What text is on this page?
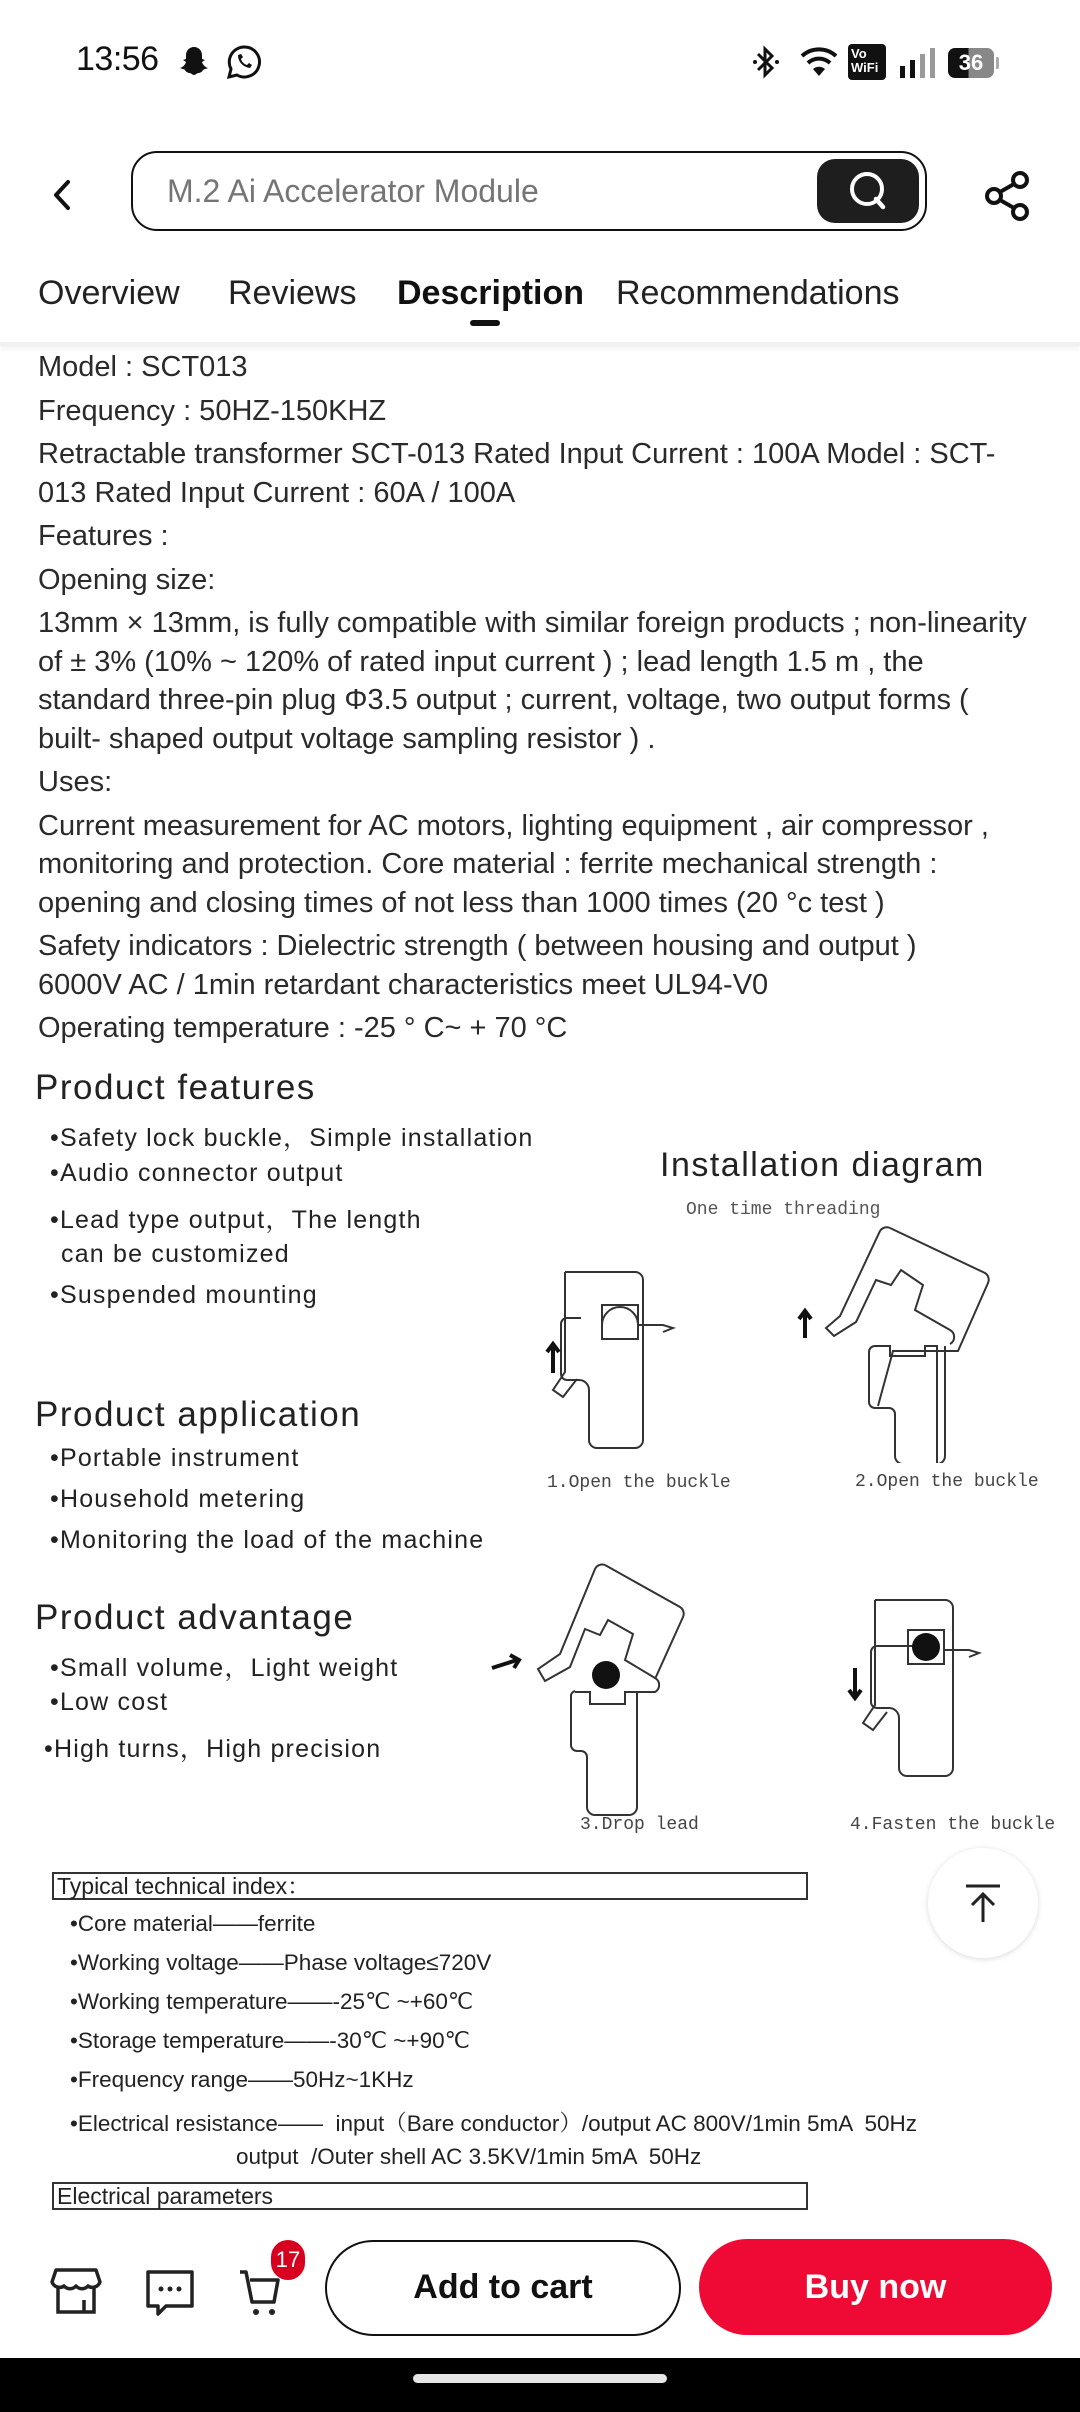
13:56	Vo
WiFi	36
M.2 Ai Accelerator Module
Overview Reviews Description Recommendations

Model : SCT013

Frequency : 50HZ-150KHZ

Retractable transformer SCT-013 Rated Input Current : 100A Model : SCT-013 Rated Input Current : 60A / 100A

Features :

Opening size:

13mm × 13mm, is fully compatible with similar foreign products ; non-linearity of ± 3% (10% ~ 120% of rated input current ) ; lead length 1.5 m , the standard three-pin plug Φ3.5 output ; current, voltage, two output forms ( built- shaped output voltage sampling resistor ) .

Uses:

Current measurement for AC motors, lighting equipment , air compressor , monitoring and protection. Core material : ferrite mechanical strength : opening and closing times of not less than 1000 times (20 °c test )

Safety indicators : Dielectric strength ( between housing and output ) 6000V AC / 1min retardant characteristics meet UL94-V0

Operating temperature : -25 ° C~ + 70 °C

Product features
•Safety lock buckle，Simple installation
•Audio connector output
•Lead type output，The length
can be customized
•Suspended mounting
Product application
•Portable instrument
•Household metering
•Monitoring the load of the machine
Product advantage
•Small volume，Light weight
•Low cost
•High turns，High precision
Installation diagram
One time threading
1.Open the buckle	2.Open the buckle
3.Drop lead	4.Fasten the buckle
Typical technical index：
•Core material——ferrite
•Working voltage——Phase voltage≤720V
•Working temperature——-25℃ ~+60℃
•Storage temperature——-30℃ ~+90℃
•Frequency range——50Hz~1KHz
•Electrical resistance——  input（Bare conductor）/output AC 800V/1min 5mA  50Hz
output  /Outer shell AC 3.5KV/1min 5mA  50Hz
Electrical parameters
17
Add to cart	Buy now
